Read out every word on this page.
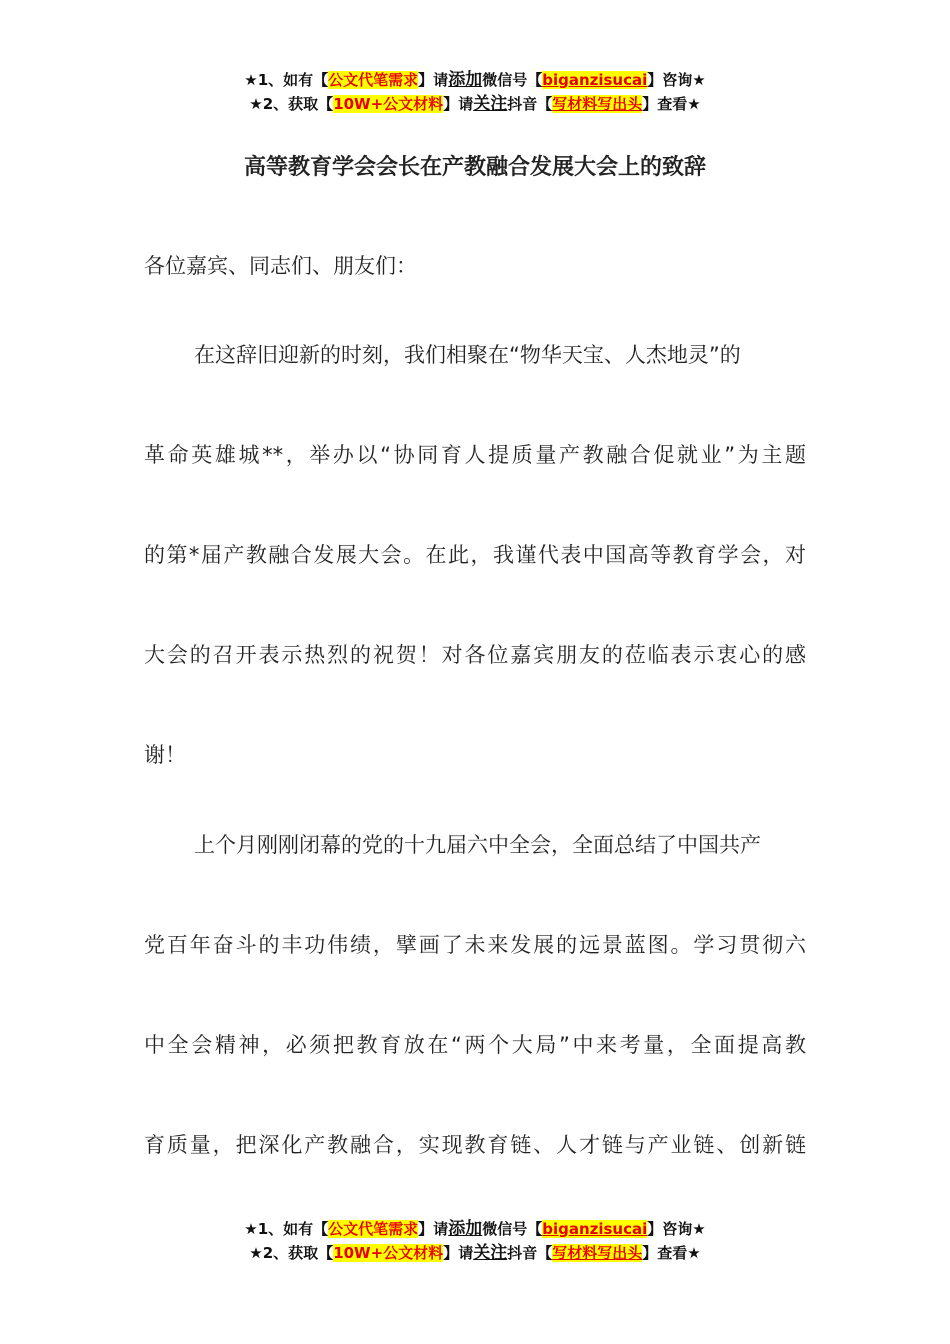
★1、如有【公文代笔需求】请添加微信号【biganzisucai】咨询★
★2、获取【10W+公文材料】请关注抖音【写材料写出头】查看★
高等教育学会会长在产教融合发展大会上的致辞
各位嘉宾、同志们、朋友们：
在这辞旧迎新的时刻，我们相聚在“物华天宝、人杰地灵”的
革命英雄城**，举办以“协同育人提质量产教融合促就业”为主题
的第*届产教融合发展大会。在此，我谨代表中国高等教育学会，对
大会的召开表示热烈的祝贺！对各位嘉宾朋友的莅临表示衷心的感
谢！
上个月刚刚闭幕的党的十九届六中全会，全面总结了中国共产
党百年奋斗的丰功伟绩，擘画了未来发展的远景蓝图。学习贯彻六
中全会精神，必须把教育放在“两个大局”中来考量，全面提高教
育质量，把深化产教融合，实现教育链、人才链与产业链、创新链
★1、如有【公文代笔需求】请添加微信号【biganzisucai】咨询★
★2、获取【10W+公文材料】请关注抖音【写材料写出头】查看★
